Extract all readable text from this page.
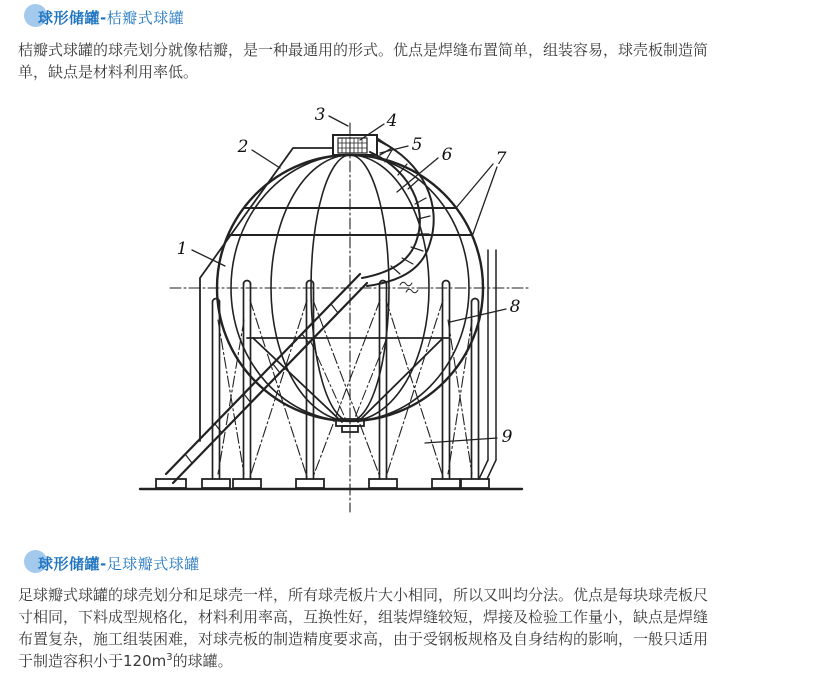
球形储罐-桔瓣式球罐

桔瓣式球罐的球壳划分就像桔瓣，是一种最通用的形式。优点是焊缝布置简单，组装容易，球壳板制造简单，缺点是材料利用率低。

1
2
3	4
5 6	7
8
9
球形储罐-足球瓣式球罐

足球瓣式球罐的球壳划分和足球壳一样，所有球壳板片大小相同，所以又叫均分法。优点是每块球壳板尺寸相同，下料成型规格化，材料利用率高，互换性好，组装焊缝较短，焊接及检验工作量小，缺点是焊缝布置复杂，施工组装困难，对球壳板的制造精度要求高，由于受钢板规格及自身结构的影响，一般只适用于制造容积小于$120m^3$的球罐。
